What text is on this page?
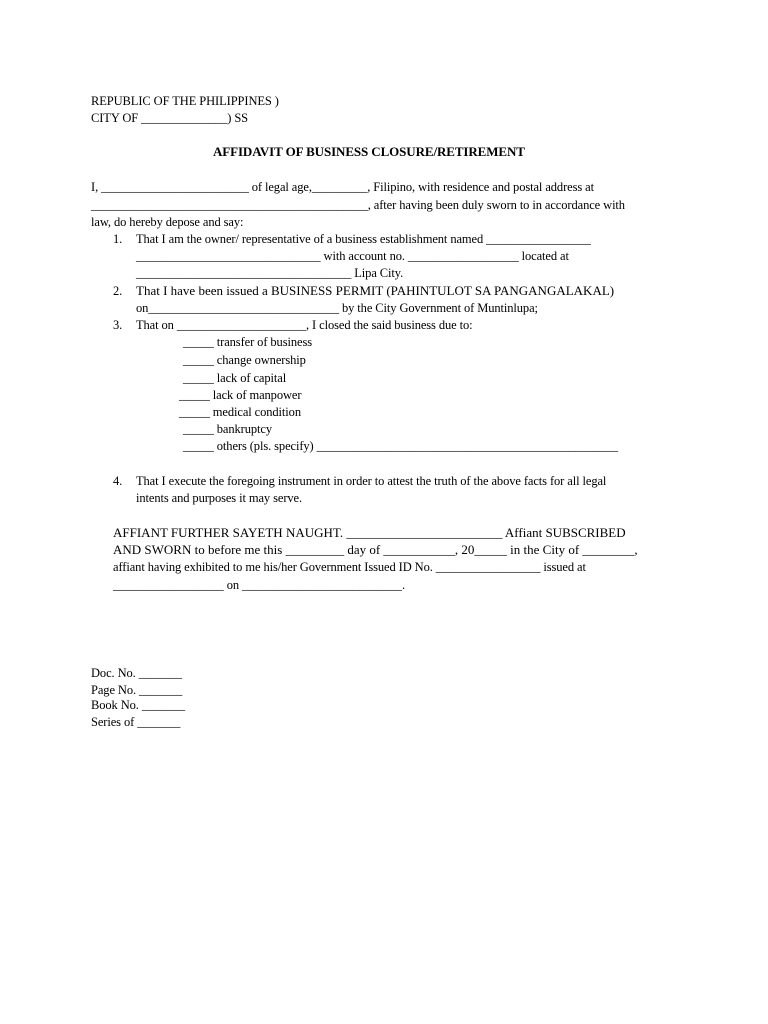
REPUBLIC OF THE PHILIPPINES )
CITY OF ______________) SS
AFFIDAVIT OF BUSINESS CLOSURE/RETIREMENT
I, ________________________ of legal age,_________, Filipino, with residence and postal address at
_____________________________________________, after having been duly sworn to in accordance with
law, do hereby depose and say:
1. That I am the owner/ representative of a business establishment named _________________
______________________________ with account no. __________________ located at
___________________________________ Lipa City.
2. That I have been issued a BUSINESS PERMIT (PAHINTULOT SA PANGANGALAKAL)
on_______________________________ by the City Government of Muntinlupa;
3. That on _____________________, I closed the said business due to:
_____ transfer of business
_____ change ownership
_____ lack of capital
_____ lack of manpower
_____ medical condition
_____ bankruptcy
_____ others (pls. specify) _________________________________________________
4. That I execute the foregoing instrument in order to attest the truth of the above facts for all legal
intents and purposes it may serve.
AFFIANT FURTHER SAYETH NAUGHT. ________________________ Affiant SUBSCRIBED
AND SWORN to before me this _________ day of ___________, 20_____ in the City of ________,
affiant having exhibited to me his/her Government Issued ID No. _________________ issued at
__________________ on __________________________.
Doc. No. _______
Page No. _______
Book No. _______
Series of _______
